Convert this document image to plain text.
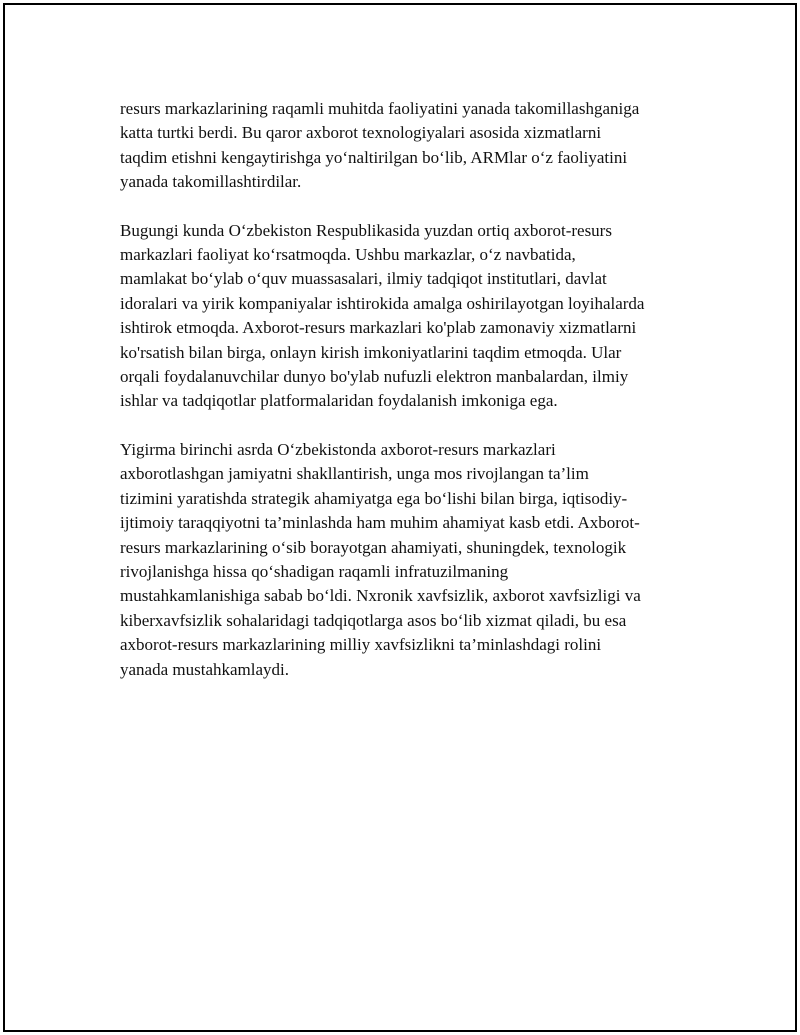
resurs markazlarining raqamli muhitda faoliyatini yanada takomillashganiga
katta turtki berdi. Bu qaror axborot texnologiyalari asosida xizmatlarni
taqdim etishni kengaytirishga yo‘naltirilgan bo‘lib, ARMlar o‘z faoliyatini
yanada takomillashtirdilar.

Bugungi kunda O‘zbekiston Respublikasida yuzdan ortiq axborot-resurs
markazlari faoliyat ko‘rsatmoqda. Ushbu markazlar, o‘z navbatida,
mamlakat bo‘ylab o‘quv muassasalari, ilmiy tadqiqot institutlari, davlat
idoralari va yirik kompaniyalar ishtirokida amalga oshirilayotgan loyihalarda
ishtirok etmoqda. Axborot-resurs markazlari ko'plab zamonaviy xizmatlarni
ko'rsatish bilan birga, onlayn kirish imkoniyatlarini taqdim etmoqda. Ular
orqali foydalanuvchilar dunyo bo'ylab nufuzli elektron manbalardan, ilmiy
ishlar va tadqiqotlar platformalaridan foydalanish imkoniga ega.

Yigirma birinchi asrda O‘zbekistonda axborot-resurs markazlari
axborotlashgan jamiyatni shakllantirish, unga mos rivojlangan ta’lim
tizimini yaratishda strategik ahamiyatga ega bo‘lishi bilan birga, iqtisodiy-
ijtimoiy taraqqiyotni ta’minlashda ham muhim ahamiyat kasb etdi. Axborot-
resurs markazlarining o‘sib borayotgan ahamiyati, shuningdek, texnologik
rivojlanishga hissa qo‘shadigan raqamli infratuzilmaning
mustahkamlanishiga sabab bo‘ldi. Nxronik xavfsizlik, axborot xavfsizligi va
kiberxavfsizlik sohalaridagi tadqiqotlarga asos bo‘lib xizmat qiladi, bu esa
axborot-resurs markazlarining milliy xavfsizlikni ta’minlashdagi rolini
yanada mustahkamlaydi.
